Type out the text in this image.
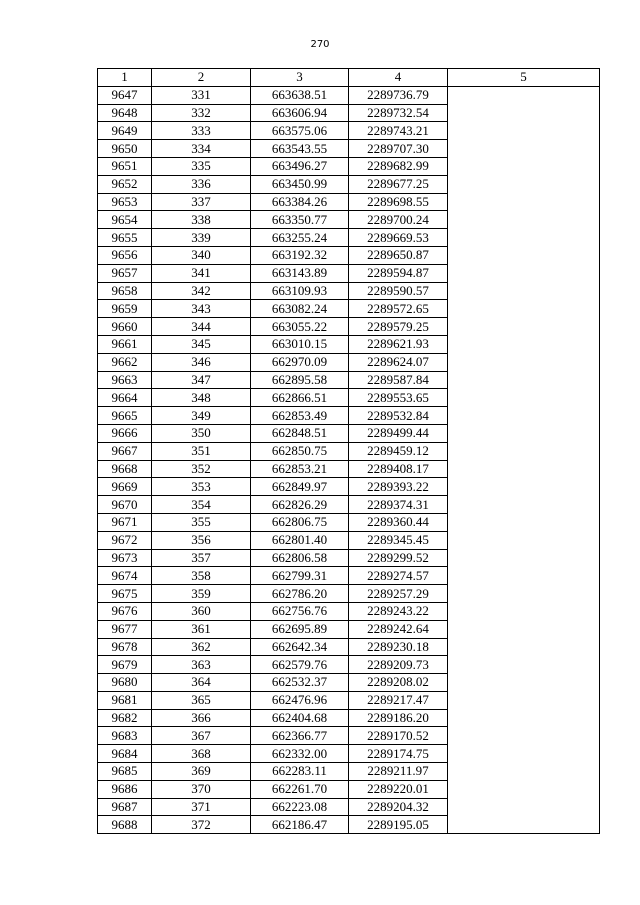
270
1	2	3	4	5
9647	331	663638.51	2289736.79	
9648	332	663606.94	2289732.54	
9649	333	663575.06	2289743.21	
9650	334	663543.55	2289707.30	
9651	335	663496.27	2289682.99	
9652	336	663450.99	2289677.25	
9653	337	663384.26	2289698.55	
9654	338	663350.77	2289700.24	
9655	339	663255.24	2289669.53	
9656	340	663192.32	2289650.87	
9657	341	663143.89	2289594.87	
9658	342	663109.93	2289590.57	
9659	343	663082.24	2289572.65	
9660	344	663055.22	2289579.25	
9661	345	663010.15	2289621.93	
9662	346	662970.09	2289624.07	
9663	347	662895.58	2289587.84	
9664	348	662866.51	2289553.65	
9665	349	662853.49	2289532.84	
9666	350	662848.51	2289499.44	
9667	351	662850.75	2289459.12	
9668	352	662853.21	2289408.17	
9669	353	662849.97	2289393.22	
9670	354	662826.29	2289374.31	
9671	355	662806.75	2289360.44	
9672	356	662801.40	2289345.45	
9673	357	662806.58	2289299.52	
9674	358	662799.31	2289274.57	
9675	359	662786.20	2289257.29	
9676	360	662756.76	2289243.22	
9677	361	662695.89	2289242.64	
9678	362	662642.34	2289230.18	
9679	363	662579.76	2289209.73	
9680	364	662532.37	2289208.02	
9681	365	662476.96	2289217.47	
9682	366	662404.68	2289186.20	
9683	367	662366.77	2289170.52	
9684	368	662332.00	2289174.75	
9685	369	662283.11	2289211.97	
9686	370	662261.70	2289220.01	
9687	371	662223.08	2289204.32	
9688	372	662186.47	2289195.05	
